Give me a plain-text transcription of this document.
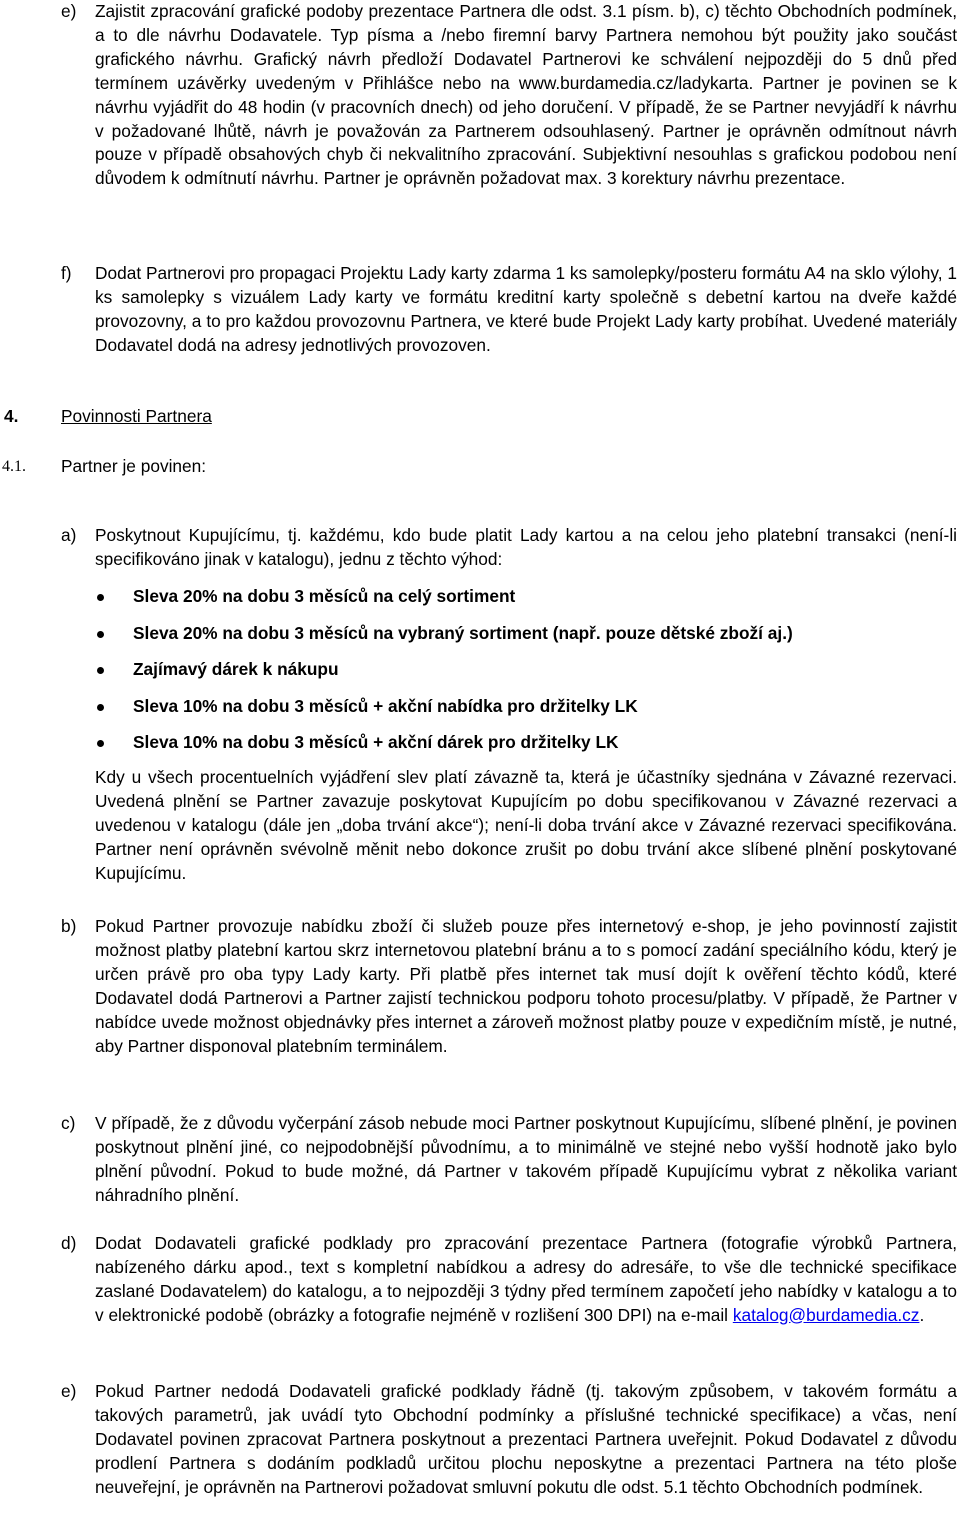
e) Zajistit zpracování grafické podoby prezentace Partnera dle odst. 3.1 písm. b), c) těchto Obchodních podmínek, a to dle návrhu Dodavatele. Typ písma a /nebo firemní barvy Partnera nemohou být použity jako součást grafického návrhu. Grafický návrh předloží Dodavatel Partnerovi ke schválení nejpozději do 5 dnů před termínem uzávěrky uvedeným v Přihlášce nebo na www.burdamedia.cz/ladykarta. Partner je povinen se k návrhu vyjádřit do 48 hodin (v pracovních dnech) od jeho doručení. V případě, že se Partner nevyjádří k návrhu v požadované lhůtě, návrh je považován za Partnerem odsouhlasený. Partner je oprávněn odmítnout návrh pouze v případě obsahových chyb či nekvalitního zpracování. Subjektivní nesouhlas s grafickou podobou není důvodem k odmítnutí návrhu. Partner je oprávněn požadovat max. 3 korektury návrhu prezentace.
f) Dodat Partnerovi pro propagaci Projektu Lady karty zdarma 1 ks samolepky/posteru formátu A4 na sklo výlohy, 1 ks samolepky s vizuálem Lady karty ve formátu kreditní karty společně s debetní kartou na dveře každé provozovny, a to pro každou provozovnu Partnera, ve které bude Projekt Lady karty probíhat. Uvedené materiály Dodavatel dodá na adresy jednotlivých provozoven.
4. Povinnosti Partnera
4.1. Partner je povinen:
a) Poskytnout Kupujícímu, tj. každému, kdo bude platit Lady kartou a na celou jeho platební transakci (není-li specifikováno jinak v katalogu), jednu z těchto výhod:
Sleva 20% na dobu 3 měsíců na celý sortiment
Sleva 20% na dobu 3 měsíců na vybraný sortiment (např. pouze dětské zboží aj.)
Zajímavý dárek k nákupu
Sleva 10% na dobu 3 měsíců + akční nabídka pro držitelky LK
Sleva 10% na dobu 3 měsíců + akční dárek pro držitelky LK
Kdy u všech procentuelních vyjádření slev platí závazně ta, která je účastníky sjednána v Závazné rezervaci. Uvedená plnění se Partner zavazuje poskytovat Kupujícím po dobu specifikovanou v Závazné rezervaci a uvedenou v katalogu (dále jen „doba trvání akce“); není-li doba trvání akce v Závazné rezervaci specifikována. Partner není oprávněn svévolně měnit nebo dokonce zrušit po dobu trvání akce slíbené plnění poskytované Kupujícímu.
b) Pokud Partner provozuje nabídku zboží či služeb pouze přes internetový e-shop, je jeho povinností zajistit možnost platby platební kartou skrz internetovou platební bránu a to s pomocí zadání speciálního kódu, který je určen právě pro oba typy Lady karty. Při platbě přes internet tak musí dojít k ověření těchto kódů, které Dodavatel dodá Partnerovi a Partner zajistí technickou podporu tohoto procesu/platby. V případě, že Partner v nabídce uvede možnost objednávky přes internet a zároveň možnost platby pouze v expedičním místě, je nutné, aby Partner disponoval platebním terminálem.
c) V případě, že z důvodu vyčerpání zásob nebude moci Partner poskytnout Kupujícímu, slíbené plnění, je povinen poskytnout plnění jiné, co nejpodobnější původnímu, a to minimálně ve stejné nebo vyšší hodnotě jako bylo plnění původní. Pokud to bude možné, dá Partner v takovém případě Kupujícímu vybrat z několika variant náhradního plnění.
d) Dodat Dodavateli grafické podklady pro zpracování prezentace Partnera (fotografie výrobků Partnera, nabízeného dárku apod., text s kompletní nabídkou a adresy do adresáře, to vše dle technické specifikace zaslané Dodavatelem) do katalogu, a to nejpozději 3 týdny před termínem započetí jeho nabídky v katalogu a to v elektronické podobě (obrázky a fotografie nejméně v rozlišení 300 DPI) na e-mail katalog@burdamedia.cz.
e) Pokud Partner nedodá Dodavateli grafické podklady řádně (tj. takovým způsobem, v takovém formátu a takových parametrů, jak uvádí tyto Obchodní podmínky a příslušné technické specifikace) a včas, není Dodavatel povinen zpracovat Partnera poskytnout a prezentaci Partnera uveřejnit. Pokud Dodavatel z důvodu prodlení Partnera s dodáním podkladů určitou plochu neposkytne a prezentaci Partnera na této ploše neuveřejní, je oprávněn na Partnerovi požadovat smluvní pokutu dle odst. 5.1 těchto Obchodních podmínek.
